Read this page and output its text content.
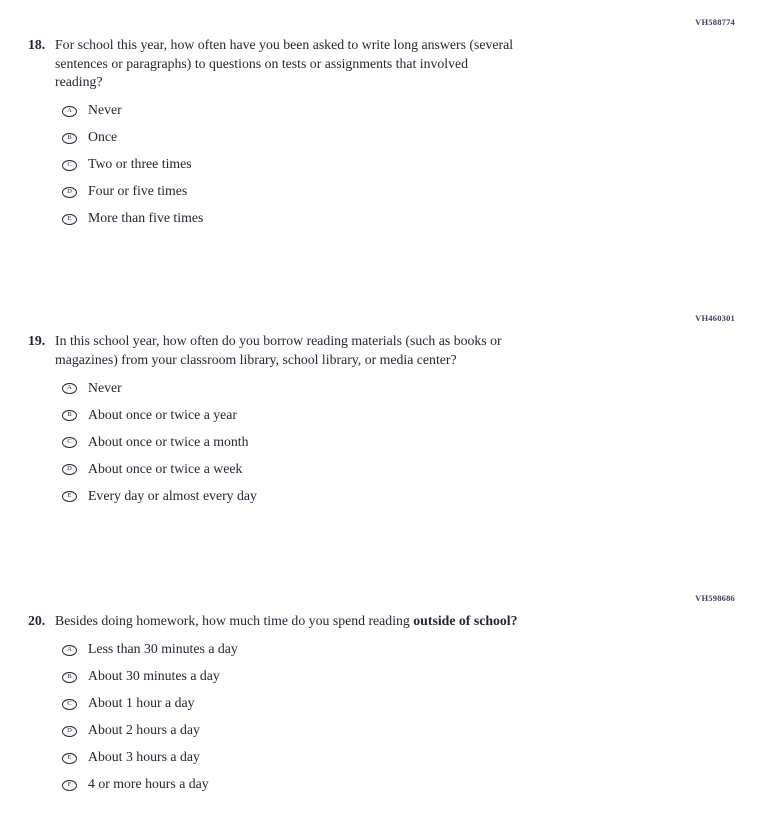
VH588774
18. For school this year, how often have you been asked to write long answers (several
sentences or paragraphs) to questions on tests or assignments that involved
reading?
A	Never
B	Once
C	Two or three times
D	Four or five times
E	More than five times
VH460301
19. In this school year, how often do you borrow reading materials (such as books or
magazines) from your classroom library, school library, or media center?
A	Never
B	About once or twice a year
C	About once or twice a month
D	About once or twice a week
E	Every day or almost every day
VH598686
20. Besides doing homework, how much time do you spend reading outside of school?
A	Less than 30 minutes a day
B	About 30 minutes a day
C	About 1 hour a day
D	About 2 hours a day
E	About 3 hours a day
F	4 or more hours a day
